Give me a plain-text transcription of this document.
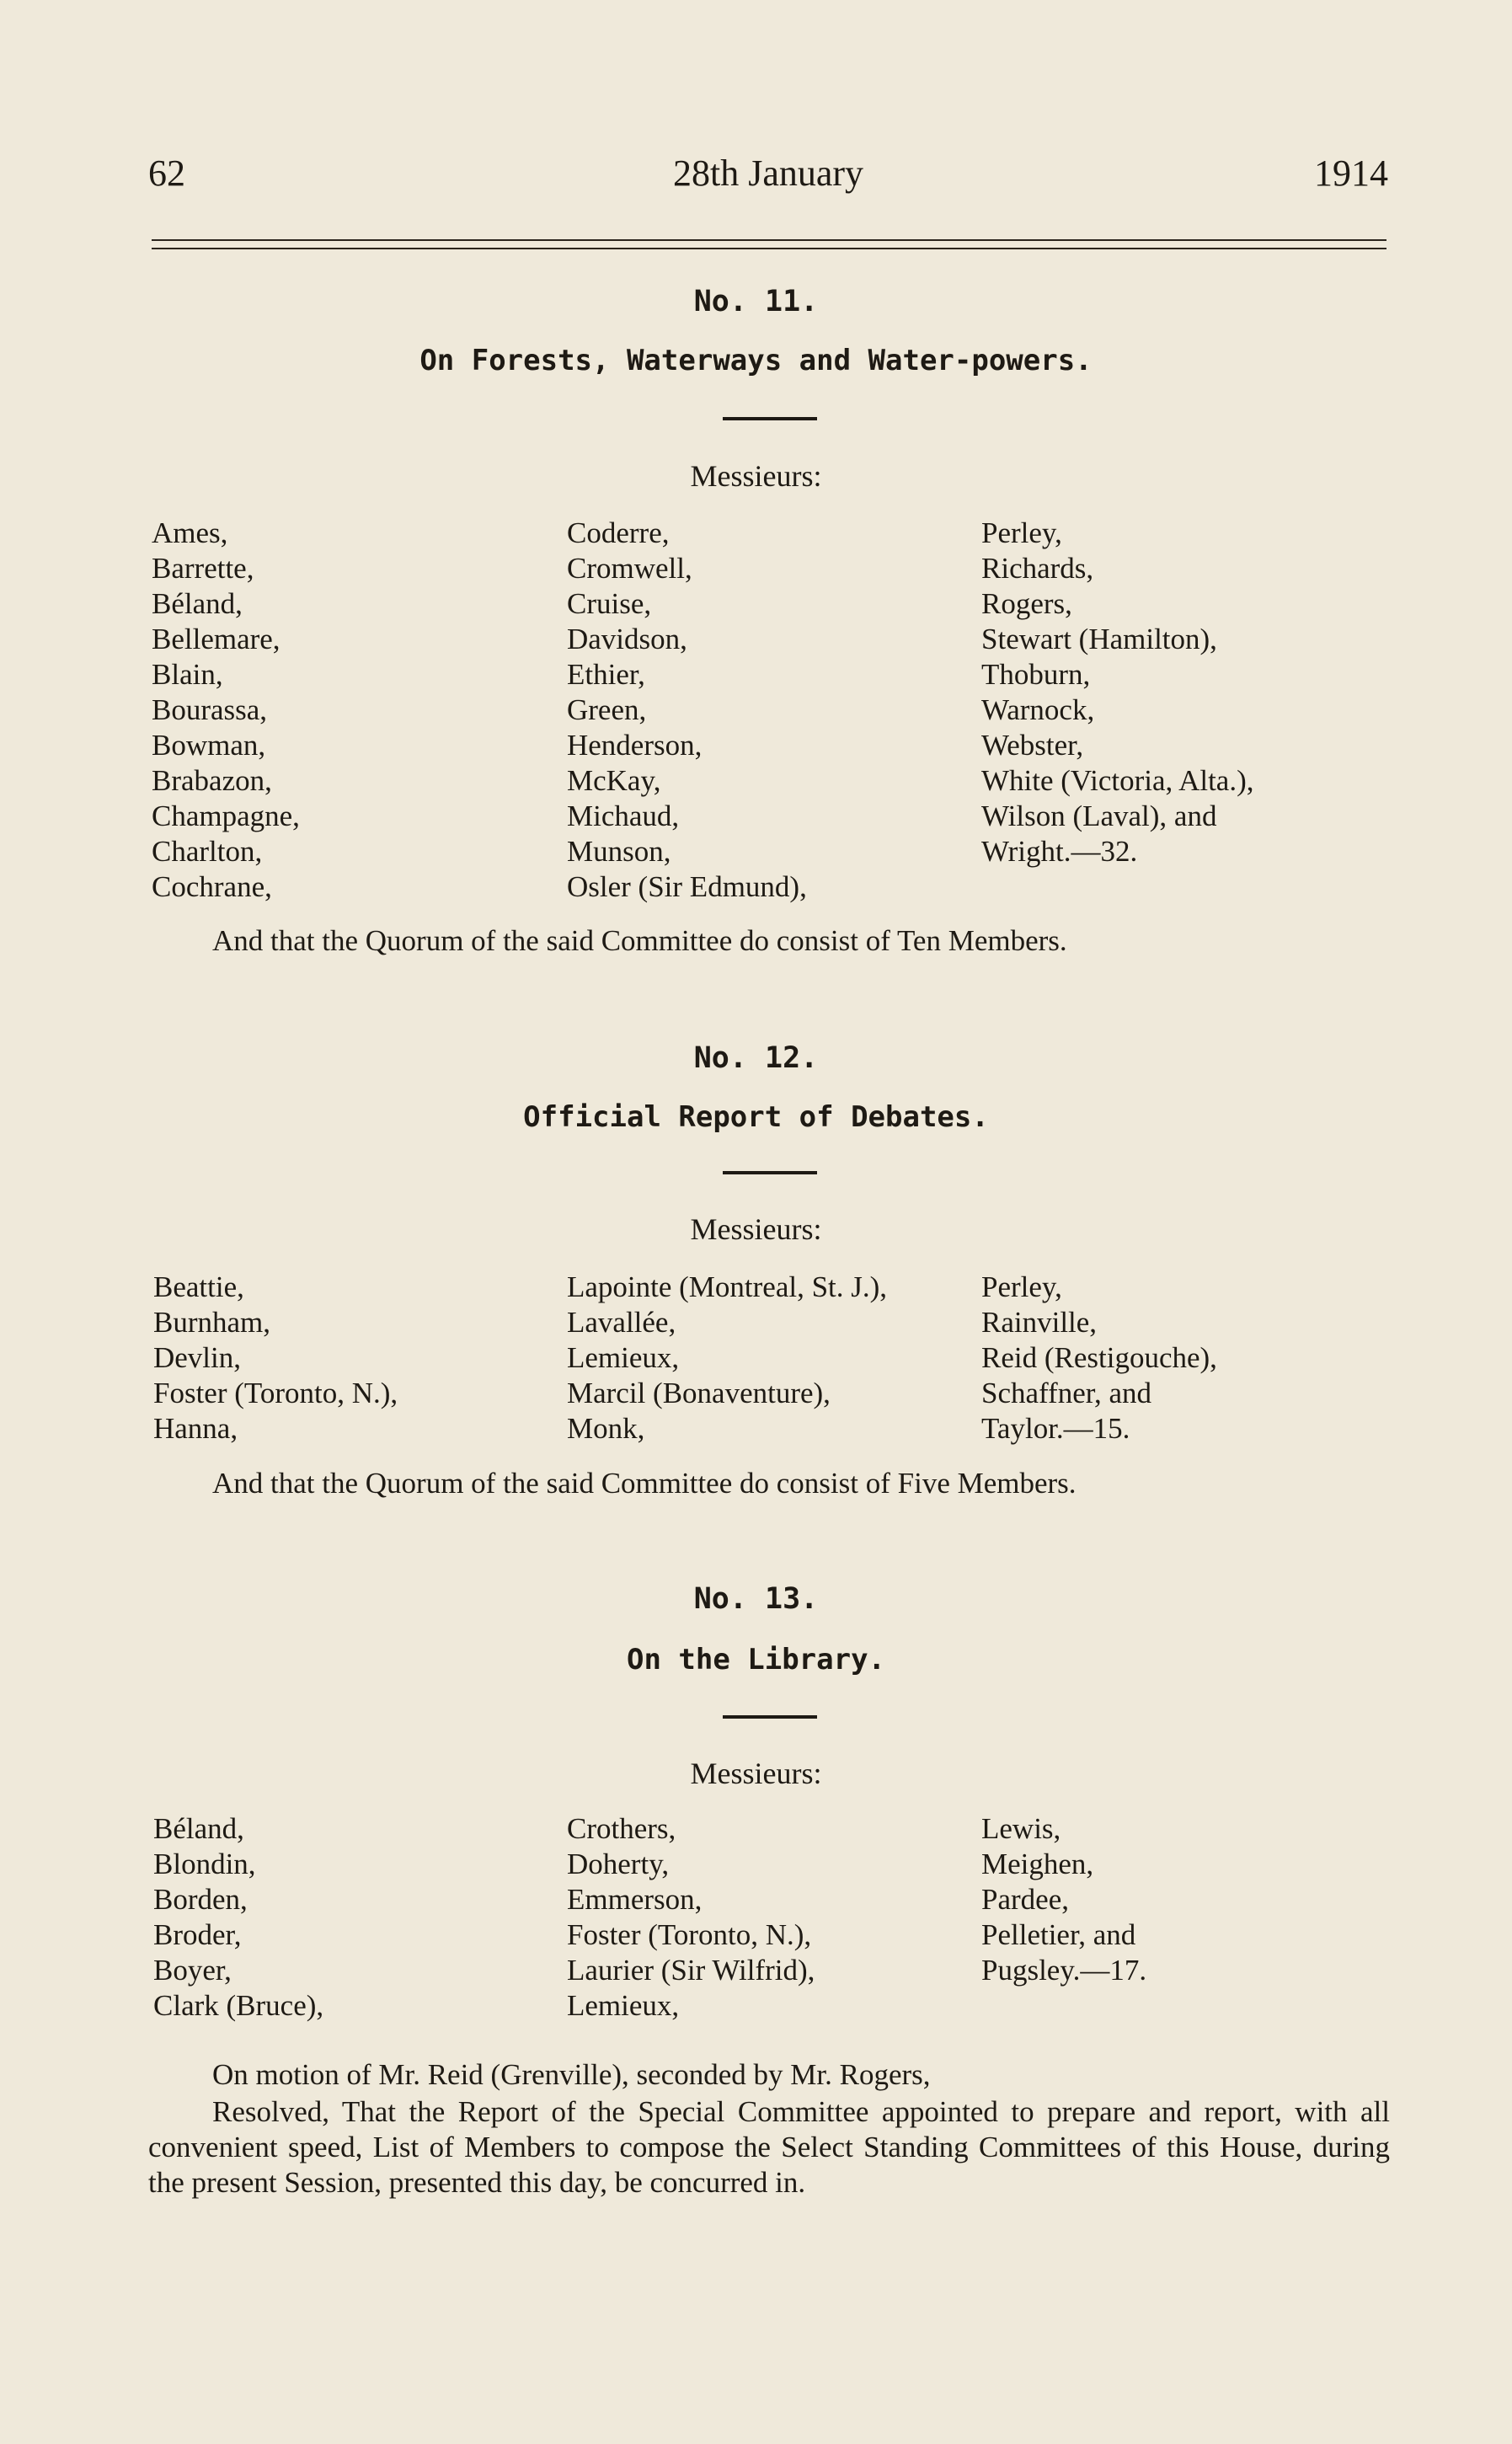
62	28th January	1914
No. 11.
On Forests, Waterways and Water-powers.
Messieurs:
Ames,
Barrette,
Béland,
Bellemare,
Blain,
Bourassa,
Bowman,
Brabazon,
Champagne,
Charlton,
Cochrane,
Coderre,
Cromwell,
Cruise,
Davidson,
Ethier,
Green,
Henderson,
McKay,
Michaud,
Munson,
Osler (Sir Edmund),
Perley,
Richards,
Rogers,
Stewart (Hamilton),
Thoburn,
Warnock,
Webster,
White (Victoria, Alta.),
Wilson (Laval), and
Wright.—32.
And that the Quorum of the said Committee do consist of Ten Members.
No. 12.
Official Report of Debates.
Messieurs:
Beattie,
Burnham,
Devlin,
Foster (Toronto, N.),
Hanna,
Lapointe (Montreal, St. J.),
Lavallée,
Lemieux,
Marcil (Bonaventure),
Monk,
Perley,
Rainville,
Reid (Restigouche),
Schaffner, and
Taylor.—15.
And that the Quorum of the said Committee do consist of Five Members.
No. 13.
On the Library.
Messieurs:
Béland,
Blondin,
Borden,
Broder,
Boyer,
Clark (Bruce),
Crothers,
Doherty,
Emmerson,
Foster (Toronto, N.),
Laurier (Sir Wilfrid),
Lemieux,
Lewis,
Meighen,
Pardee,
Pelletier, and
Pugsley.—17.
On motion of Mr. Reid (Grenville), seconded by Mr. Rogers,
Resolved, That the Report of the Special Committee appointed to prepare and report, with all convenient speed, List of Members to compose the Select Standing Committees of this House, during the present Session, presented this day, be concurred in.
